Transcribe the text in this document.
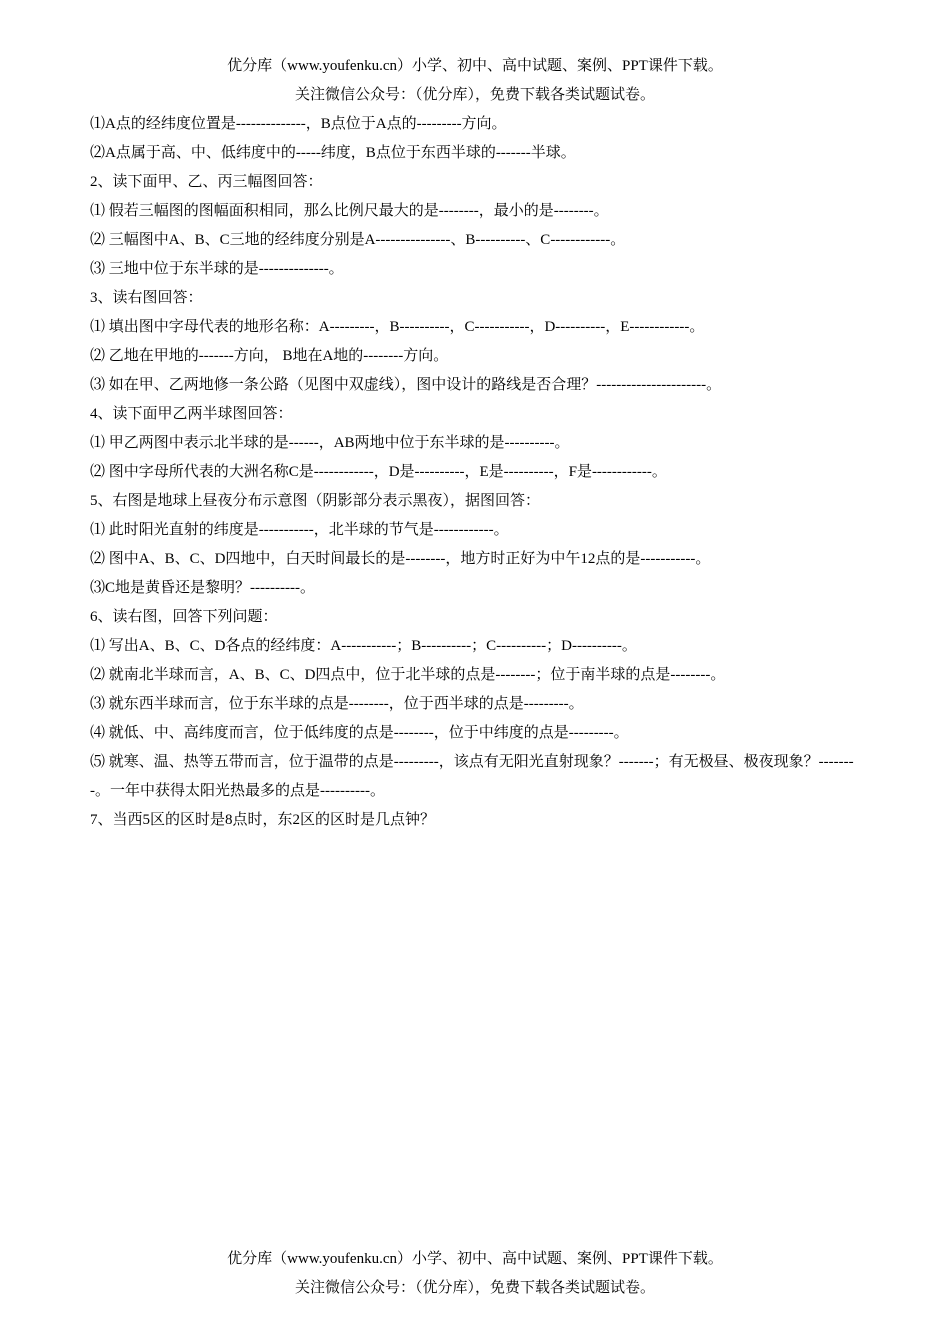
优分库（www.youfenku.cn）小学、初中、高中试题、案例、PPT课件下载。
关注微信公众号：（优分库），免费下载各类试题试卷。
⑴A点的经纬度位置是--------------，B点位于A点的---------方向。
⑵A点属于高、中、低纬度中的-----纬度，B点位于东西半球的-------半球。
2、读下面甲、乙、丙三幅图回答：
⑴ 假若三幅图的图幅面积相同，那么比例尺最大的是--------，最小的是--------。
⑵ 三幅图中A、B、C三地的经纬度分别是A---------------、B----------、C------------。
⑶ 三地中位于东半球的是--------------。
3、读右图回答：
⑴ 填出图中字母代表的地形名称：A---------，B----------，C-----------，D----------，E------------。
⑵ 乙地在甲地的-------方向， B地在A地的--------方向。
⑶ 如在甲、乙两地修一条公路（见图中双虚线），图中设计的路线是否合理？----------------------。
4、读下面甲乙两半球图回答：
⑴ 甲乙两图中表示北半球的是------，AB两地中位于东半球的是----------。
⑵ 图中字母所代表的大洲名称C是------------，D是----------，E是----------，F是------------。
5、右图是地球上昼夜分布示意图（阴影部分表示黑夜），据图回答：
⑴ 此时阳光直射的纬度是-----------，北半球的节气是------------。
⑵ 图中A、B、C、D四地中，白天时间最长的是--------，地方时正好为中午12点的是-----------。
⑶C地是黄昏还是黎明？----------。
6、读右图，回答下列问题：
⑴ 写出A、B、C、D各点的经纬度：A-----------；B----------；C----------；D----------。
⑵ 就南北半球而言，A、B、C、D四点中，位于北半球的点是--------；位于南半球的点是--------。
⑶ 就东西半球而言，位于东半球的点是--------，位于西半球的点是---------。
⑷ 就低、中、高纬度而言，位于低纬度的点是--------，位于中纬度的点是---------。
⑸ 就寒、温、热等五带而言，位于温带的点是---------，该点有无阳光直射现象？-------；有无极昼、极夜现象？--------。一年中获得太阳光热最多的点是----------。
7、当西5区的区时是8点时，东2区的区时是几点钟？
优分库（www.youfenku.cn）小学、初中、高中试题、案例、PPT课件下载。
关注微信公众号：（优分库），免费下载各类试题试卷。
